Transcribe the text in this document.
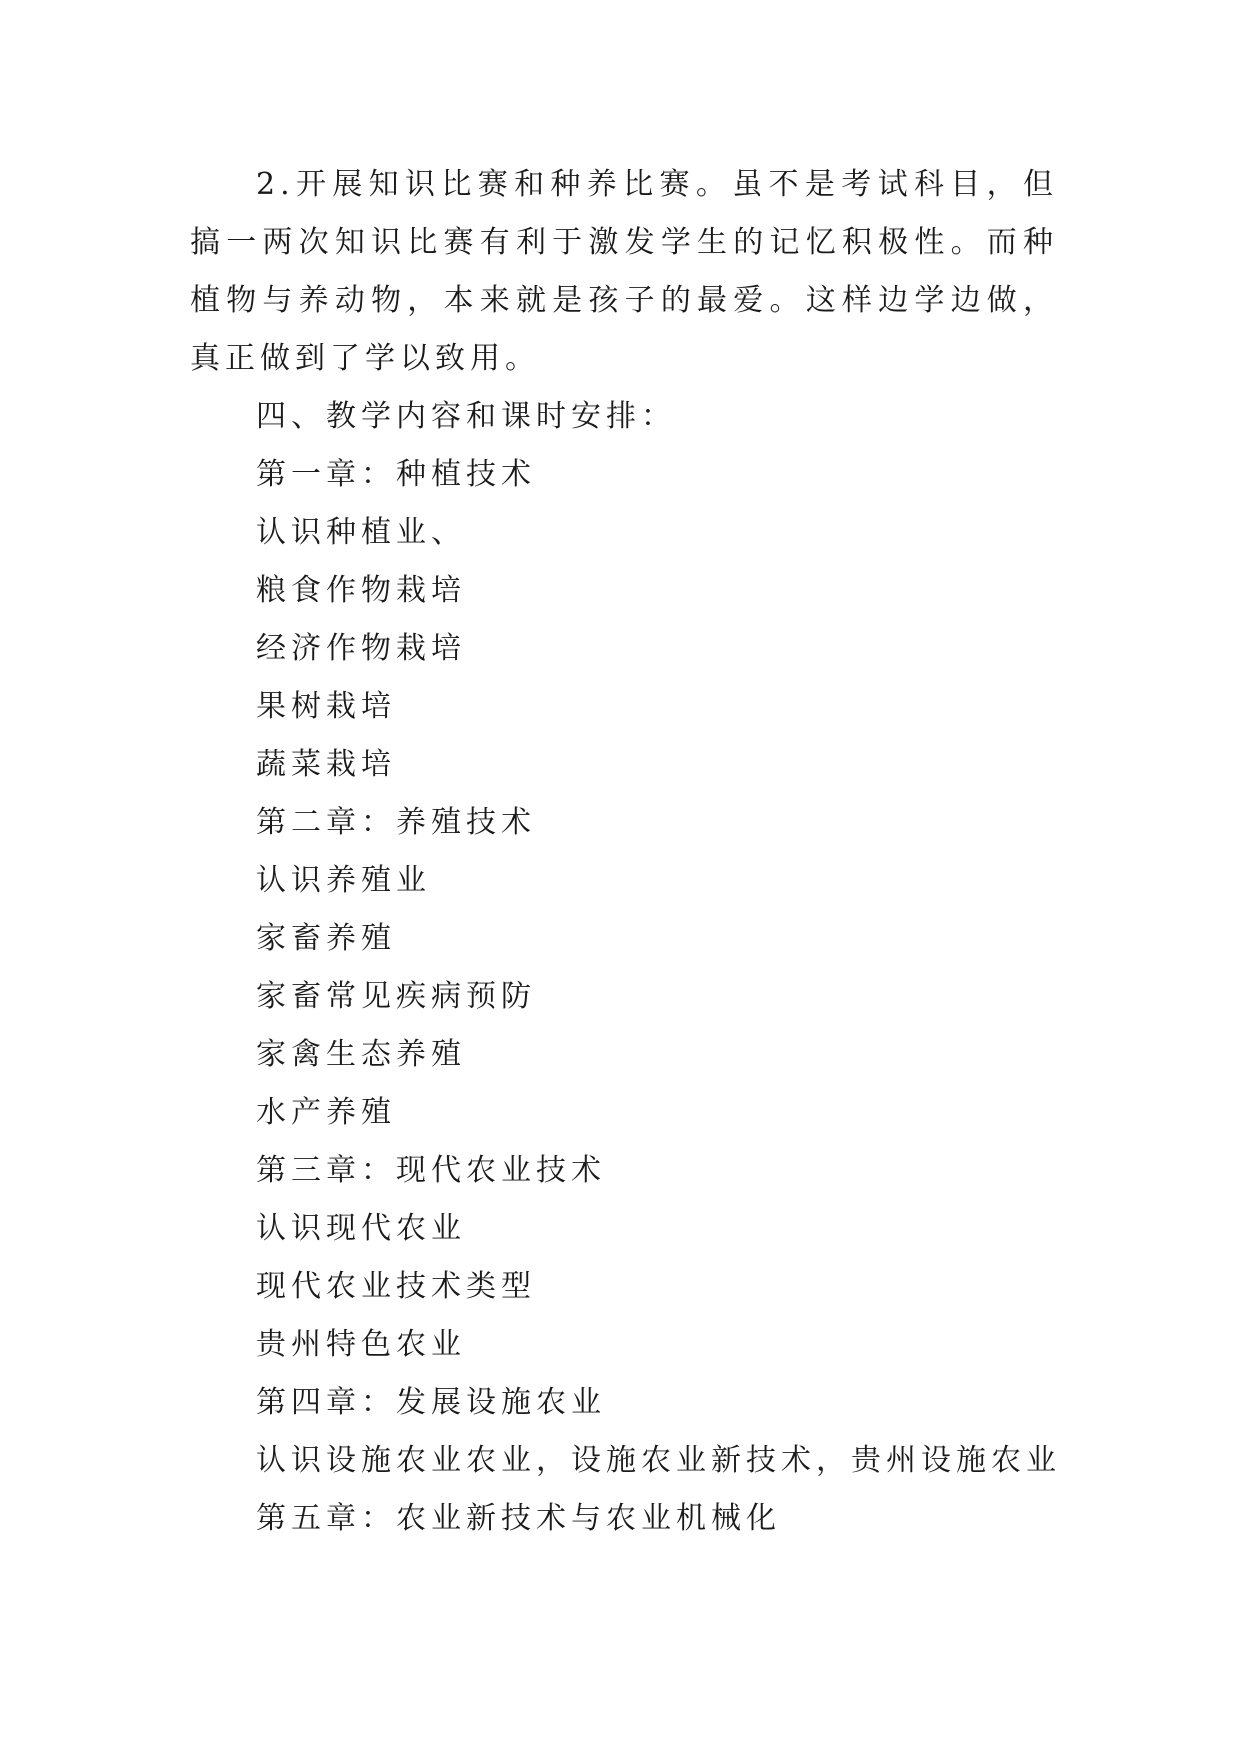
2.开展知识比赛和种养比赛。虽不是考试科目，但搞一两次知识比赛有利于激发学生的记忆积极性。而种植物与养动物，本来就是孩子的最爱。这样边学边做，真正做到了学以致用。

四、教学内容和课时安排：

第一章：种植技术

认识种植业、

粮食作物栽培

经济作物栽培

果树栽培

蔬菜栽培

第二章：养殖技术

认识养殖业

家畜养殖

家畜常见疾病预防

家禽生态养殖

水产养殖

第三章：现代农业技术

认识现代农业

现代农业技术类型

贵州特色农业

第四章：发展设施农业

认识设施农业农业，设施农业新技术，贵州设施农业

第五章：农业新技术与农业机械化
